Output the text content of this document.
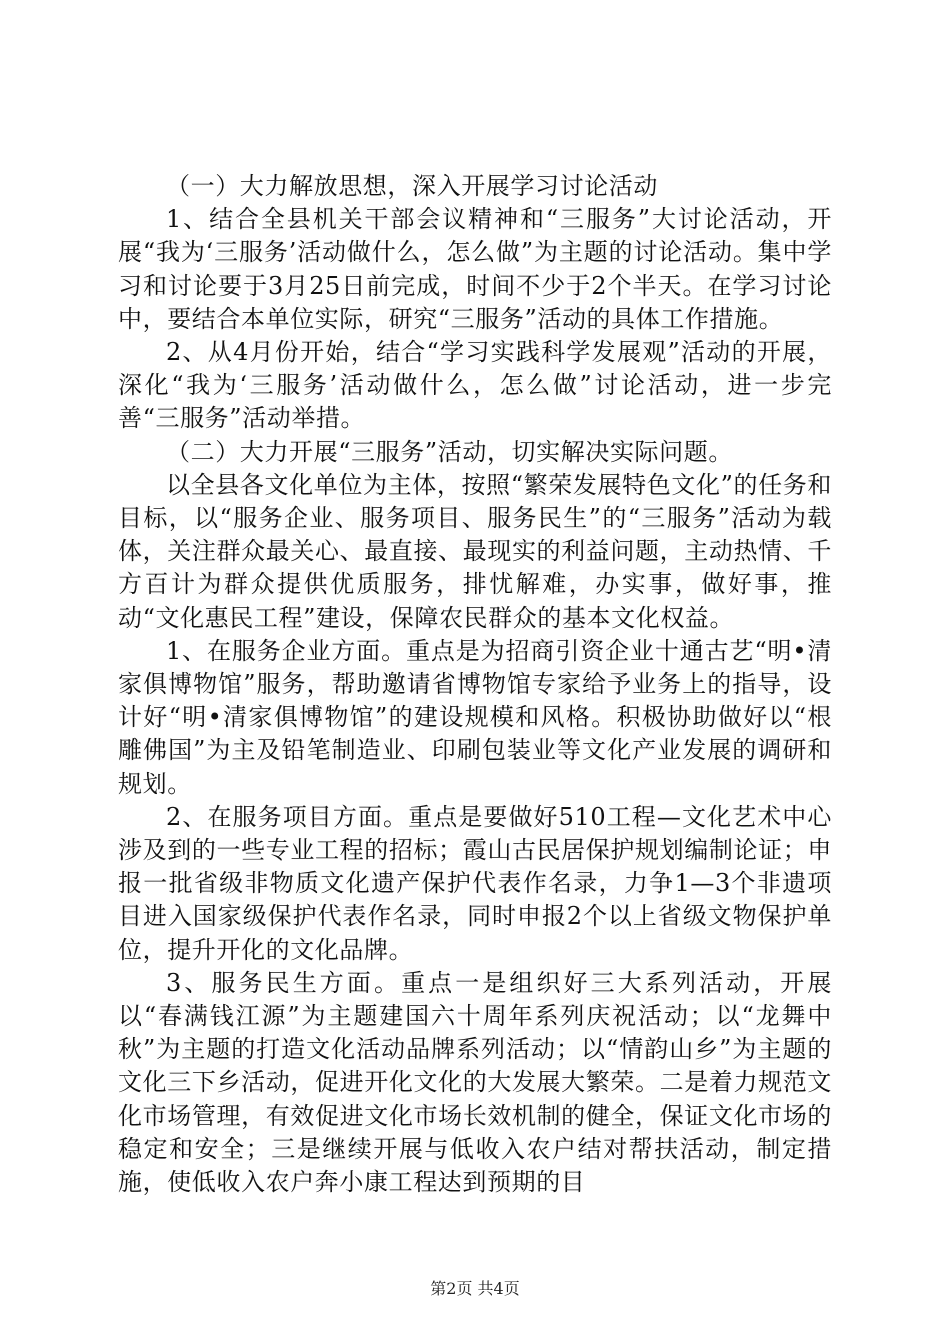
（一）大力解放思想，深入开展学习讨论活动

1、结合全县机关干部会议精神和“三服务”大讨论活动，开展“我为‘三服务’活动做什么，怎么做”为主题的讨论活动。集中学习和讨论要于3月25日前完成，时间不少于2个半天。在学习讨论中，要结合本单位实际，研究“三服务”活动的具体工作措施。

2、从4月份开始，结合“学习实践科学发展观”活动的开展，深化“我为‘三服务’活动做什么，怎么做”讨论活动，进一步完善“三服务”活动举措。

（二）大力开展“三服务”活动，切实解决实际问题。

以全县各文化单位为主体，按照“繁荣发展特色文化”的任务和目标，以“服务企业、服务项目、服务民生”的“三服务”活动为载体，关注群众最关心、最直接、最现实的利益问题，主动热情、千方百计为群众提供优质服务，排忧解难，办实事，做好事，推动“文化惠民工程”建设，保障农民群众的基本文化权益。

1、在服务企业方面。重点是为招商引资企业十通古艺“明•清家俱博物馆”服务，帮助邀请省博物馆专家给予业务上的指导，设计好“明•清家俱博物馆”的建设规模和风格。积极协助做好以“根雕佛国”为主及铅笔制造业、印刷包装业等文化产业发展的调研和规划。

2、在服务项目方面。重点是要做好510工程—文化艺术中心涉及到的一些专业工程的招标；霞山古民居保护规划编制论证；申报一批省级非物质文化遗产保护代表作名录，力争1—3个非遗项目进入国家级保护代表作名录，同时申报2个以上省级文物保护单位，提升开化的文化品牌。

3、服务民生方面。重点一是组织好三大系列活动，开展以“春满钱江源”为主题建国六十周年系列庆祝活动；以“龙舞中秋”为主题的打造文化活动品牌系列活动；以“情韵山乡”为主题的文化三下乡活动，促进开化文化的大发展大繁荣。二是着力规范文化市场管理，有效促进文化市场长效机制的健全，保证文化市场的稳定和安全；三是继续开展与低收入农户结对帮扶活动，制定措施，使低收入农户奔小康工程达到预期的目

第2页 共4页
